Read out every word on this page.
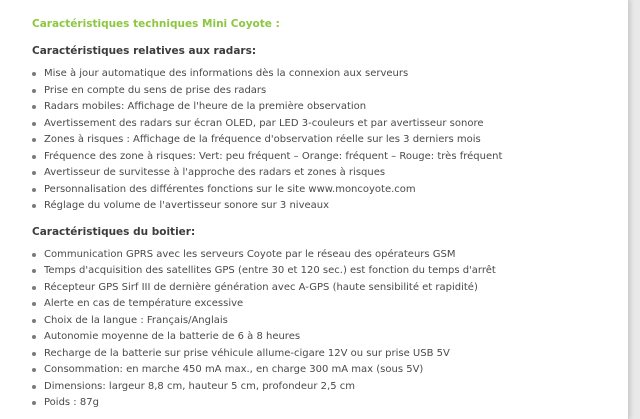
Caractéristiques techniques Mini Coyote :
Caractéristiques relatives aux radars:
Mise à jour automatique des informations dès la connexion aux serveurs
Prise en compte du sens de prise des radars
Radars mobiles: Affichage de l'heure de la première observation
Avertissement des radars sur écran OLED, par LED 3-couleurs et par avertisseur sonore
Zones à risques : Affichage de la fréquence d'observation réelle sur les 3 derniers mois
Fréquence des zone à risques: Vert: peu fréquent – Orange: fréquent – Rouge: très fréquent
Avertisseur de survitesse à l'approche des radars et zones à risques
Personnalisation des différentes fonctions sur le site www.moncoyote.com
Réglage du volume de l'avertisseur sonore sur 3 niveaux
Caractéristiques du boitier:
Communication GPRS avec les serveurs Coyote par le réseau des opérateurs GSM
Temps d'acquisition des satellites GPS (entre 30 et 120 sec.) est fonction du temps d'arrêt
Récepteur GPS Sirf III de dernière génération avec A-GPS (haute sensibilité et rapidité)
Alerte en cas de température excessive
Choix de la langue : Français/Anglais
Autonomie moyenne de la batterie de 6 à 8 heures
Recharge de la batterie sur prise véhicule allume-cigare 12V ou sur prise USB 5V
Consommation: en marche 450 mA max., en charge 300 mA max (sous 5V)
Dimensions: largeur 8,8 cm, hauteur 5 cm, profondeur 2,5 cm
Poids : 87g
